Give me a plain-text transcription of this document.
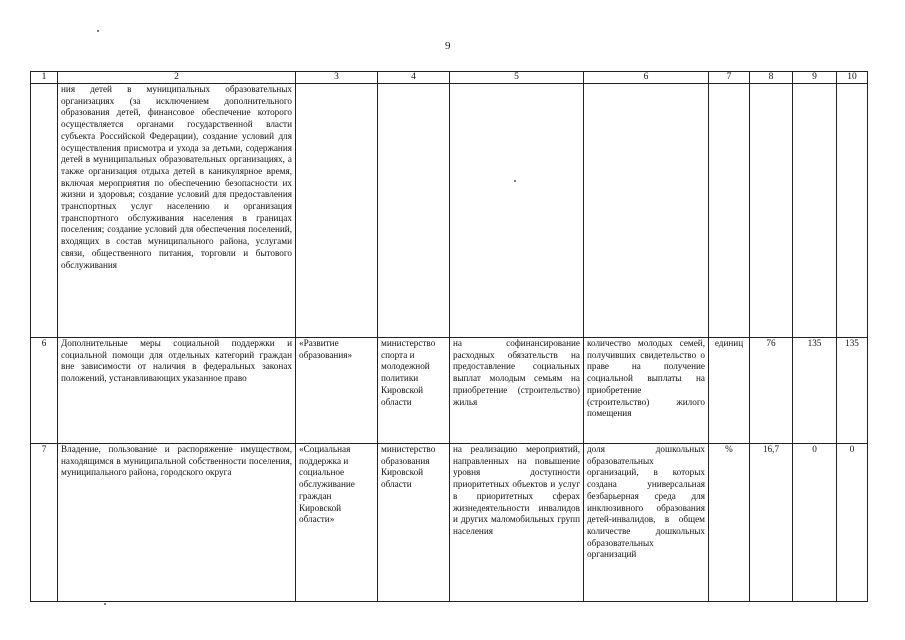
9
1	2	3	4	5	6	7	8	9	10
	ния детей в муниципальных образовательных организациях (за исключением дополнительного образования детей, финансовое обеспечение которого осуществляется органами государственной власти субъекта Российской Федерации), создание условий для осуществления присмотра и ухода за детьми, содержания детей в муниципальных образовательных организациях, а также организация отдыха детей в каникулярное время, включая мероприятия по обеспечению безопасности их жизни и здоровья; создание условий для предоставления транспортных услуг населению и организация транспортного обслуживания населения в границах поселения; создание условий для обеспечения поселений, входящих в состав муниципального района, услугами связи, общественного питания, торговли и бытового обслуживания								
6	Дополнительные меры социальной поддержки и социальной помощи для отдельных категорий граждан вне зависимости от наличия в федеральных законах положений, устанавливающих указанное право	«Развитие образования»	министерство спорта и молодежной политики Кировской области	на софинансирование расходных обязательств на предоставление социальных выплат молодым семьям на приобретение (строительство) жилья	количество молодых семей, получивших свидетельство о праве на получение социальной выплаты на приобретение (строительство) жилого помещения	единиц	76	135	135
7	Владение, пользование и распоряжение имуществом, находящимся в муниципальной собственности поселения, муниципального района, городского округа	«Социальная поддержка и социальное обслуживание граждан Кировской области»	министерство образования Кировской области	на реализацию мероприятий, направленных на повышение уровня доступности приоритетных объектов и услуг в приоритетных сферах жизнедеятельности инвалидов и других маломобильных групп населения	доля дошкольных образовательных организаций, в которых создана универсальная безбарьерная среда для инклюзивного образования детей-инвалидов, в общем количестве дошкольных образовательных организаций	%	16,7	0	0
